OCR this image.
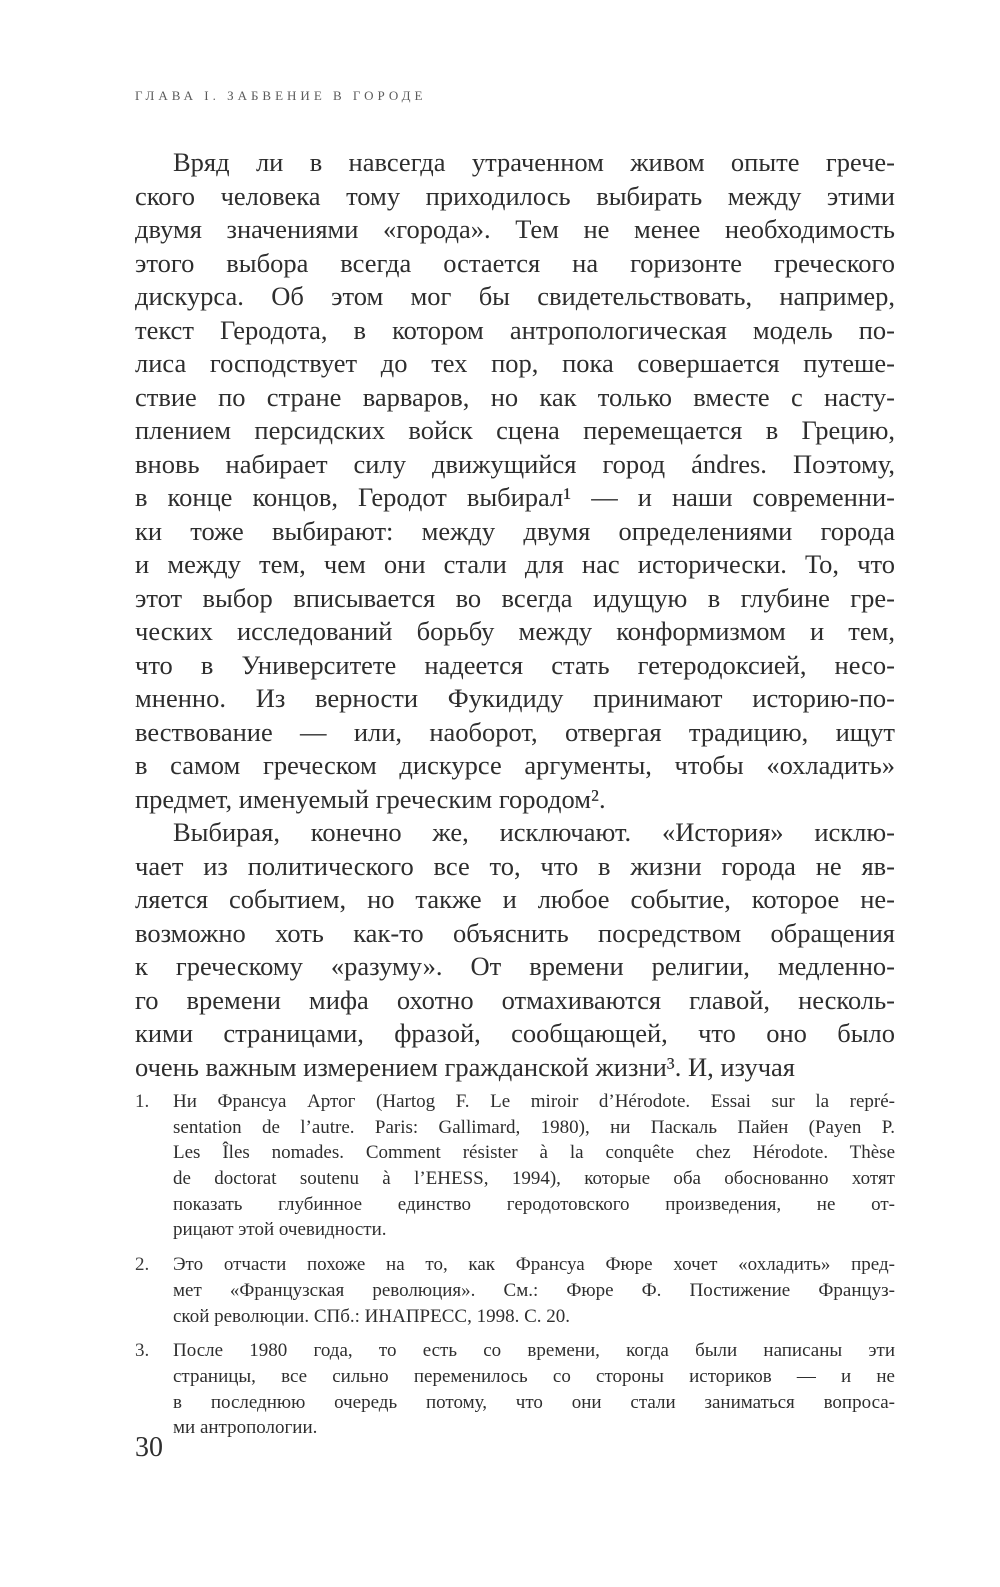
ГЛАВА I. ЗАБВЕНИЕ В ГОРОДЕ
Вряд ли в навсегда утраченном живом опыте грече-
ского человека тому приходилось выбирать между этими
двумя значениями «города». Тем не менее необходимость
этого выбора всегда остается на горизонте греческого
дискурса. Об этом мог бы свидетельствовать, например,
текст Геродота, в котором антропологическая модель по-
лиса господствует до тех пор, пока совершается путеше-
ствие по стране варваров, но как только вместе с насту-
плением персидских войск сцена перемещается в Грецию,
вновь набирает силу движущийся город ándres. Поэтому,
в конце концов, Геродот выбирал¹ — и наши современни-
ки тоже выбирают: между двумя определениями города
и между тем, чем они стали для нас исторически. То, что
этот выбор вписывается во всегда идущую в глубине гре-
ческих исследований борьбу между конформизмом и тем,
что в Университете надеется стать гетеродоксией, несо-
мненно. Из верности Фукидиду принимают историю-по-
вествование — или, наоборот, отвергая традицию, ищут
в самом греческом дискурсе аргументы, чтобы «охладить»
предмет, именуемый греческим городом².
Выбирая, конечно же, исключают. «История» исклю-
чает из политического все то, что в жизни города не яв-
ляется событием, но также и любое событие, которое не-
возможно хоть как-то объяснить посредством обращения
к греческому «разуму». От времени религии, медленно-
го времени мифа охотно отмахиваются главой, несколь-
кими страницами, фразой, сообщающей, что оно было
очень важным измерением гражданской жизни³. И, изучая
1. Ни Франсуа Артог (Hartog F. Le miroir d’Hérodote. Essai sur la repré-
sentation de l’autre. Paris: Gallimard, 1980), ни Паскаль Пайен (Payen P.
Les Îles nomades. Comment résister à la conquête chez Hérodote. Thèse
de doctorat soutenu à l’EHESS, 1994), которые оба обоснованно хотят
показать глубинное единство геродотовского произведения, не от-
рицают этой очевидности.
2. Это отчасти похоже на то, как Франсуа Фюре хочет «охладить» пред-
мет «Французская революция». См.: Фюре Ф. Постижение Француз-
ской революции. СПб.: ИНАПРЕСС, 1998. С. 20.
3. После 1980 года, то есть со времени, когда были написаны эти
страницы, все сильно переменилось со стороны историков — и не
в последнюю очередь потому, что они стали заниматься вопроса-
ми антропологии.
30
